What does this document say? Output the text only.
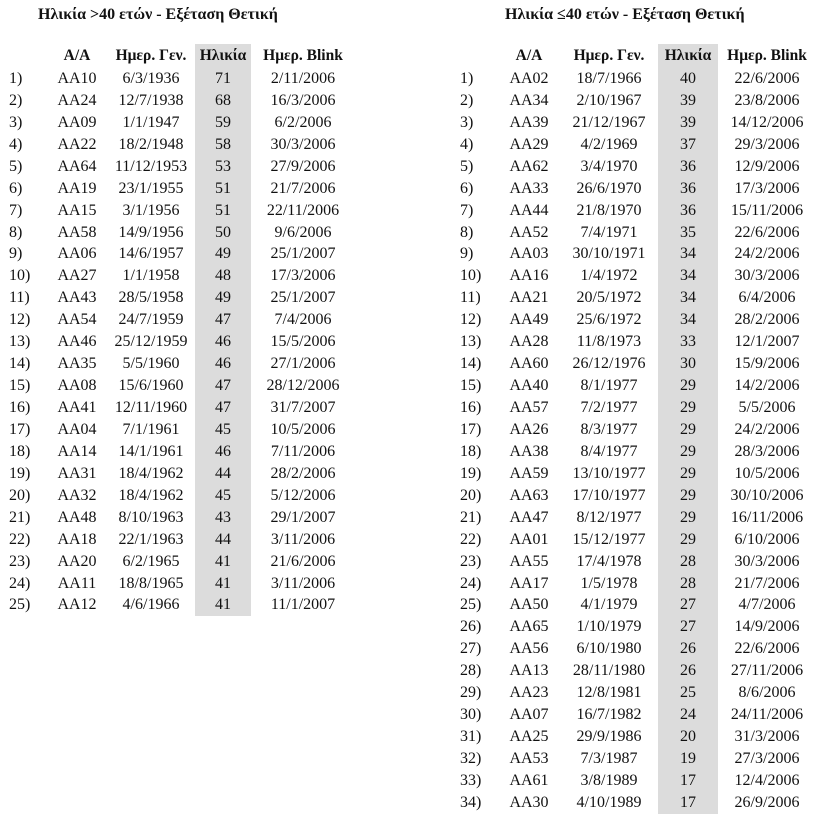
Ηλικία >40 ετών - Εξέταση Θετική
	Α/Α	Ημερ. Γεν.	Ηλικία	Ημερ. Blink
1)	AA10	6/3/1936	71	2/11/2006
2)	AA24	12/7/1938	68	16/3/2006
3)	AA09	1/1/1947	59	6/2/2006
4)	AA22	18/2/1948	58	30/3/2006
5)	AA64	11/12/1953	53	27/9/2006
6)	AA19	23/1/1955	51	21/7/2006
7)	AA15	3/1/1956	51	22/11/2006
8)	AA58	14/9/1956	50	9/6/2006
9)	AA06	14/6/1957	49	25/1/2007
10)	AA27	1/1/1958	48	17/3/2006
11)	AA43	28/5/1958	49	25/1/2007
12)	AA54	24/7/1959	47	7/4/2006
13)	AA46	25/12/1959	46	15/5/2006
14)	AA35	5/5/1960	46	27/1/2006
15)	AA08	15/6/1960	47	28/12/2006
16)	AA41	12/11/1960	47	31/7/2007
17)	AA04	7/1/1961	45	10/5/2006
18)	AA14	14/1/1961	46	7/11/2006
19)	AA31	18/4/1962	44	28/2/2006
20)	AA32	18/4/1962	45	5/12/2006
21)	AA48	8/10/1963	43	29/1/2007
22)	AA18	22/1/1963	44	3/11/2006
23)	AA20	6/2/1965	41	21/6/2006
24)	AA11	18/8/1965	41	3/11/2006
25)	AA12	4/6/1966	41	11/1/2007
Ηλικία ≤40 ετών - Εξέταση Θετική
	Α/Α	Ημερ. Γεν.	Ηλικία	Ημερ. Blink
1)	AA02	18/7/1966	40	22/6/2006
2)	AA34	2/10/1967	39	23/8/2006
3)	AA39	21/12/1967	39	14/12/2006
4)	AA29	4/2/1969	37	29/3/2006
5)	AA62	3/4/1970	36	12/9/2006
6)	AA33	26/6/1970	36	17/3/2006
7)	AA44	21/8/1970	36	15/11/2006
8)	AA52	7/4/1971	35	22/6/2006
9)	AA03	30/10/1971	34	24/2/2006
10)	AA16	1/4/1972	34	30/3/2006
11)	AA21	20/5/1972	34	6/4/2006
12)	AA49	25/6/1972	34	28/2/2006
13)	AA28	11/8/1973	33	12/1/2007
14)	AA60	26/12/1976	30	15/9/2006
15)	AA40	8/1/1977	29	14/2/2006
16)	AA57	7/2/1977	29	5/5/2006
17)	AA26	8/3/1977	29	24/2/2006
18)	AA38	8/4/1977	29	28/3/2006
19)	AA59	13/10/1977	29	10/5/2006
20)	AA63	17/10/1977	29	30/10/2006
21)	AA47	8/12/1977	29	16/11/2006
22)	AA01	15/12/1977	29	6/10/2006
23)	AA55	17/4/1978	28	30/3/2006
24)	AA17	1/5/1978	28	21/7/2006
25)	AA50	4/1/1979	27	4/7/2006
26)	AA65	1/10/1979	27	14/9/2006
27)	AA56	6/10/1980	26	22/6/2006
28)	AA13	28/11/1980	26	27/11/2006
29)	AA23	12/8/1981	25	8/6/2006
30)	AA07	16/7/1982	24	24/11/2006
31)	AA25	29/9/1986	20	31/3/2006
32)	AA53	7/3/1987	19	27/3/2006
33)	AA61	3/8/1989	17	12/4/2006
34)	AA30	4/10/1989	17	26/9/2006
